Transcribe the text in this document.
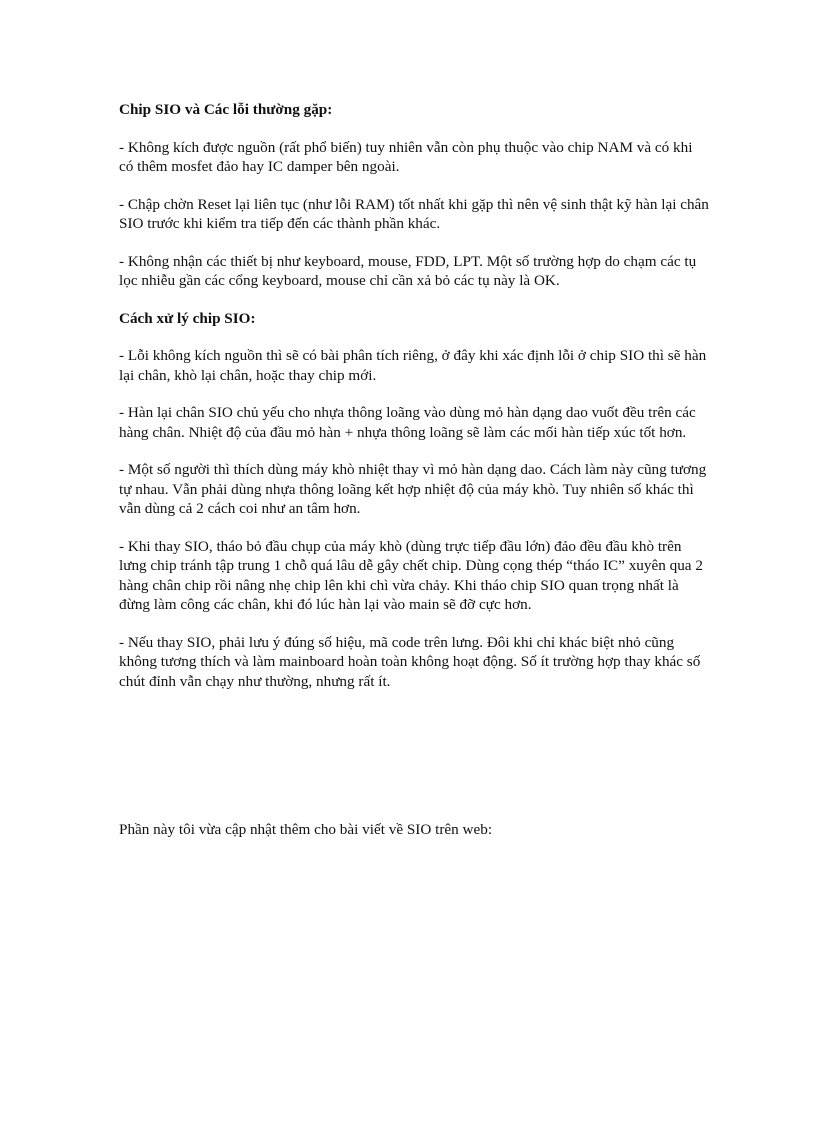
Chip SIO và Các lỗi thường gặp:

- Không kích được nguồn (rất phổ biến) tuy nhiên vẫn còn phụ thuộc vào chip NAM và có khi có thêm mosfet đảo hay IC damper bên ngoài.

- Chập chờn Reset lại liên tục (như lỗi RAM) tốt nhất khi gặp thì nên vệ sinh thật kỹ hàn lại chân SIO trước khi kiểm tra tiếp đến các thành phần khác.

- Không nhận các thiết bị như keyboard, mouse, FDD, LPT. Một số trường hợp do chạm các tụ lọc nhiễu gần các cổng keyboard, mouse chỉ cần xả bỏ các tụ này là OK.

Cách xử lý chip SIO:

- Lỗi không kích nguồn thì sẽ có bài phân tích riêng, ở đây khi xác định lỗi ở chip SIO thì sẽ hàn lại chân, khò lại chân, hoặc thay chip mới.

- Hàn lại chân SIO chủ yếu cho nhựa thông loãng vào dùng mỏ hàn dạng dao vuốt đều trên các hàng chân. Nhiệt độ của đầu mỏ hàn + nhựa thông loãng sẽ làm các mối hàn tiếp xúc tốt hơn.

- Một số người thì thích dùng máy khò nhiệt thay vì mỏ hàn dạng dao. Cách làm này cũng tương tự nhau. Vẫn phải dùng nhựa thông loãng kết hợp nhiệt độ của máy khò. Tuy nhiên số khác thì vẫn dùng cả 2 cách coi như an tâm hơn.

- Khi thay SIO, tháo bỏ đầu chụp của máy khò (dùng trực tiếp đầu lớn) đảo đều đầu khò trên lưng chip tránh tập trung 1 chỗ quá lâu dễ gây chết chip. Dùng cọng thép “tháo IC” xuyên qua 2 hàng chân chip rồi nâng nhẹ chip lên khi chì vừa chảy. Khi tháo chip SIO quan trọng nhất là đừng làm công các chân, khi đó lúc hàn lại vào main sẽ đỡ cực hơn.

- Nếu thay SIO, phải lưu ý đúng số hiệu, mã code trên lưng. Đôi khi chỉ khác biệt nhỏ cũng không tương thích và làm mainboard hoàn toàn không hoạt động. Số ít trường hợp thay khác số chút đỉnh vẫn chạy như thường, nhưng rất ít.

Phần này tôi vừa cập nhật thêm cho bài viết về SIO trên web:
